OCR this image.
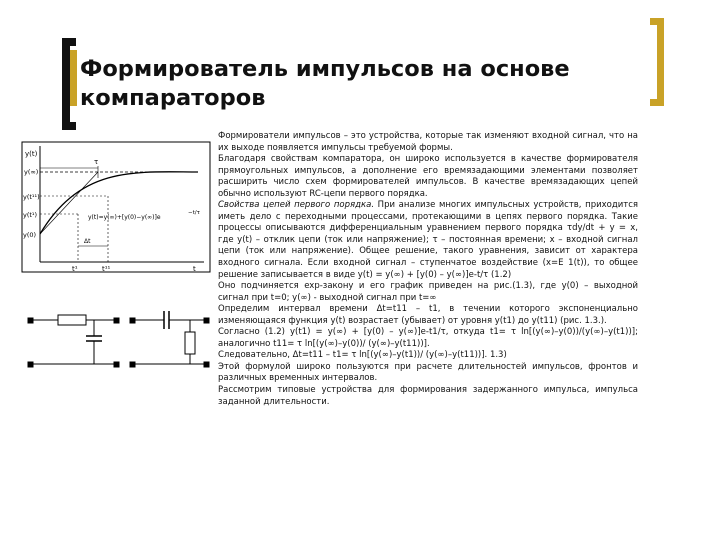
Формирователь импульсов на основе компараторов
y(t)
y(∞)
y(t¹¹)
y(t¹)
y(0)
τ
y(t)=y(∞)+[y(0)−y(∞)]e
−t/τ
Δt
t¹	t¹¹	t

Формирователи импульсов – это устройства, которые так изменяют входной сигнал, что на их выходе появляется импульсы требуемой формы.

Благодаря свойствам компаратора, он широко используется в качестве формирователя прямоугольных импульсов, а дополнение его времязадающими элементами позволяет расширить число схем формирователей импульсов. В качестве времязадающих цепей обычно используют RC-цепи первого порядка.

Свойства цепей первого порядка. При анализе многих импульсных устройств, приходится иметь дело с переходными процессами, протекающими в цепях первого порядка. Такие процессы описываются дифференциальным уравнением первого порядка τdy/dt + y = x, где y(t) – отклик цепи (ток или напряжение); τ – постоянная времени; x – входной сигнал цепи (ток или напряжение). Общее решение, такого уравнения, зависит от характера входного сигнала. Если входной сигнал – ступенчатое воздействие (x=E 1(t)), то общее решение записывается в виде y(t) = y(∞) + [y(0) – y(∞)]e-t/τ (1.2)

Оно подчиняется exp-закону и его график приведен на рис.(1.3), где y(0) – выходной сигнал при t=0; y(∞) - выходной сигнал при t=∞

Определим интервал времени Δt=t11 – t1, в течении которого экспоненциально изменяющаяся функция y(t) возрастает (убывает) от уровня y(t1) до y(t11) (рис. 1.3.).

Согласно (1.2) y(t1) = y(∞) + [y(0) – y(∞)]e-t1/τ, откуда t1= τ ln[(y(∞)–y(0))/(y(∞)–y(t1))]; аналогично t11= τ ln[(y(∞)–y(0))/ (y(∞)–y(t11))].

Следовательно, Δt=t11 – t1= τ ln[(y(∞)–y(t1))/ (y(∞)–y(t11))]. 1.3)

Этой формулой широко пользуются при расчете длительностей импульсов, фронтов и различных временных интервалов.

Рассмотрим типовые устройства для формирования задержанного импульса, импульса заданной длительности.
